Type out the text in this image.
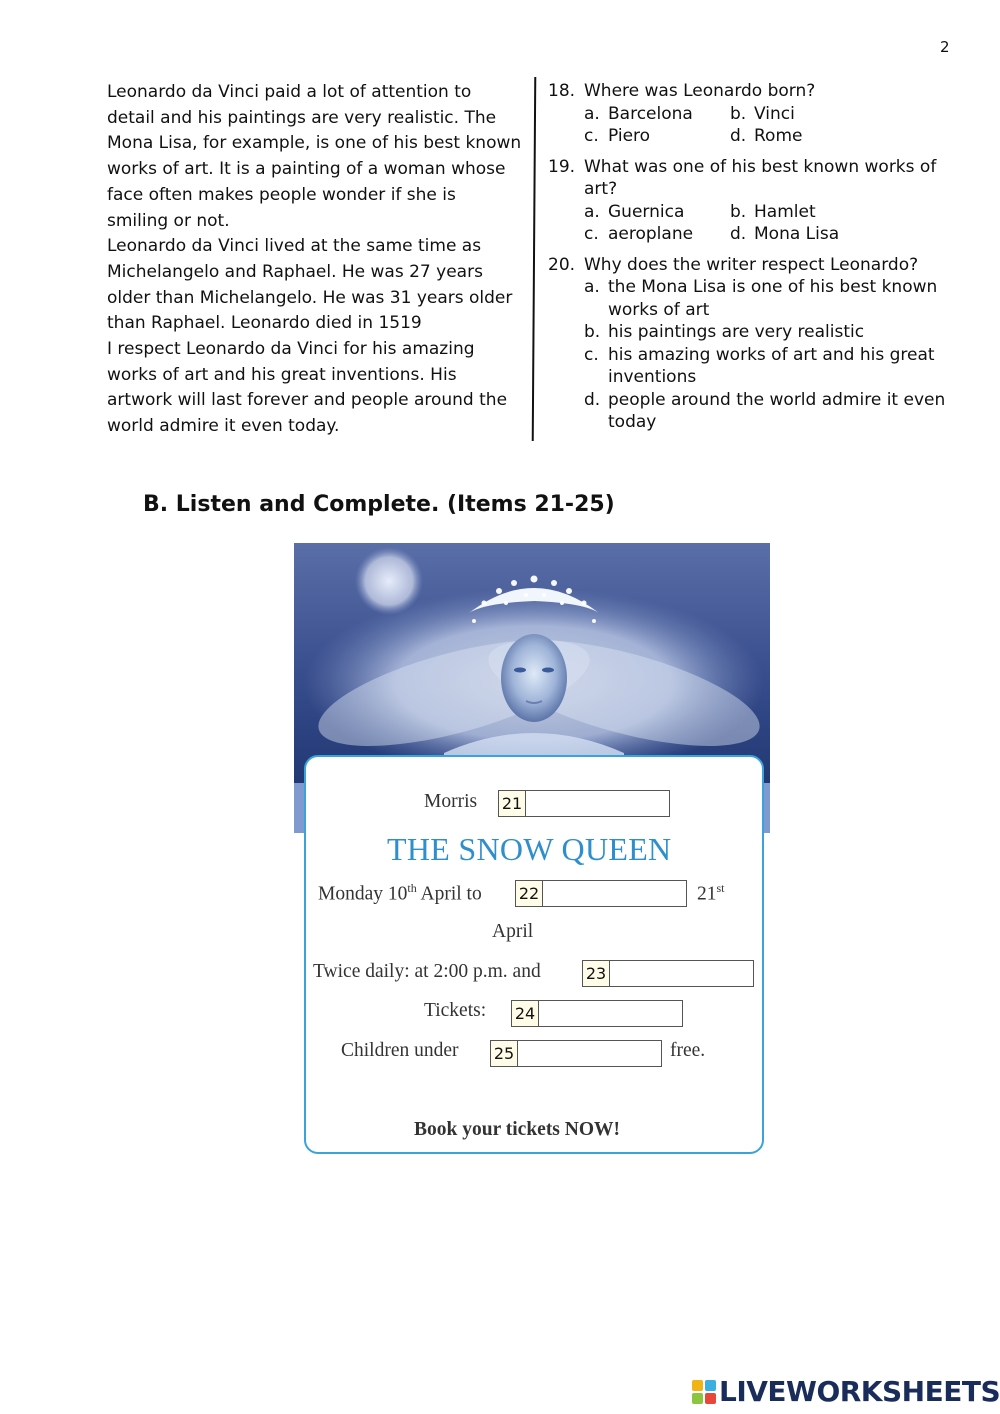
2

Leonardo da Vinci paid a lot of attention to detail and his paintings are very realistic. The Mona Lisa, for example, is one of his best known works of art. It is a painting of a woman whose face often makes people wonder if she is smiling or not.

Leonardo da Vinci lived at the same time as Michelangelo and Raphael. He was 27 years older than Michelangelo. He was 31 years older than Raphael. Leonardo died in 1519

I respect Leonardo da Vinci for his amazing works of art and his great inventions. His artwork will last forever and people around the world admire it even today.

18. Where was Leonardo born?
a. Barcelona b. Vinci
c. Piero	d. Rome
19. What was one of his best known works of art?
a. Guernica	b. Hamlet
c. aeroplane d. Mona Lisa
20. Why does the writer respect Leonardo?
a. the Mona Lisa is one of his best known works of art
b. his paintings are very realistic
c. his amazing works of art and his great inventions
d. people around the world admire it even today
B. Listen and Complete. (Items 21-25)
Morris 21
THE SNOW QUEEN
Monday 10th April to 22	21st
April
Twice daily: at 2:00 p.m. and	23
Tickets: 24
Children under 25	free.
Book your tickets NOW!
LIVEWORKSHEETS
